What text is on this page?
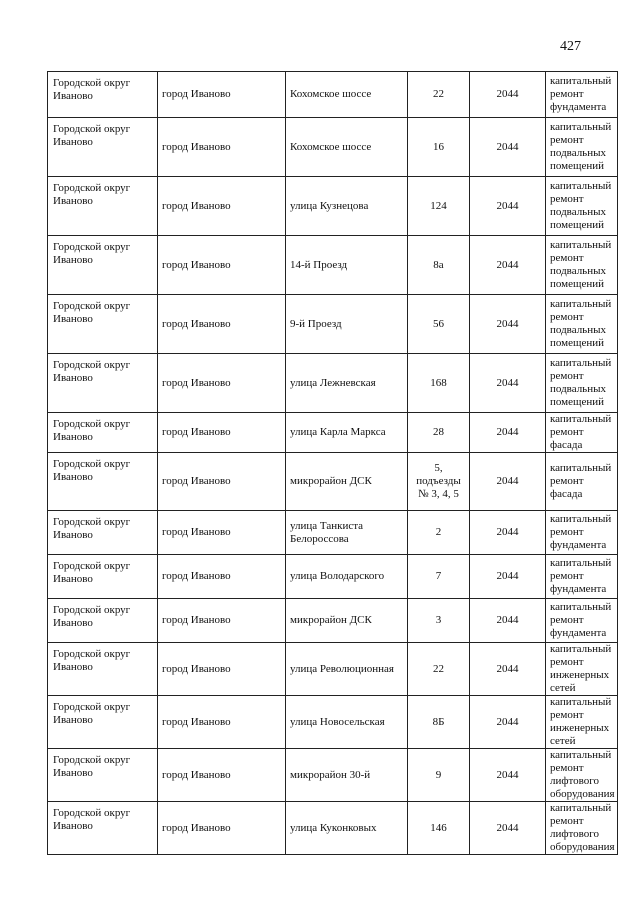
427
Городской округ Иваново	город Иваново	Кохомское шоссе	22	2044	капитальный ремонт фундамента
Городской округ Иваново	город Иваново	Кохомское шоссе	16	2044	капитальный ремонт подвальных помещений
Городской округ Иваново	город Иваново	улица Кузнецова	124	2044	капитальный ремонт подвальных помещений
Городской округ Иваново	город Иваново	14-й Проезд	8а	2044	капитальный ремонт подвальных помещений
Городской округ Иваново	город Иваново	9-й Проезд	56	2044	капитальный ремонт подвальных помещений
Городской округ Иваново	город Иваново	улица Лежневская	168	2044	капитальный ремонт подвальных помещений
Городской округ Иваново	город Иваново	улица Карла Маркса	28	2044	капитальный ремонт фасада
Городской округ Иваново	город Иваново	микрорайон ДСК	5, подъезды № 3, 4, 5	2044	капитальный ремонт фасада
Городской округ Иваново	город Иваново	улица Танкиста Белороссова	2	2044	капитальный ремонт фундамента
Городской округ Иваново	город Иваново	улица Володарского	7	2044	капитальный ремонт фундамента
Городской округ Иваново	город Иваново	микрорайон ДСК	3	2044	капитальный ремонт фундамента
Городской округ Иваново	город Иваново	улица Революционная	22	2044	капитальный ремонт инженерных сетей
Городской округ Иваново	город Иваново	улица Новосельская	8Б	2044	капитальный ремонт инженерных сетей
Городской округ Иваново	город Иваново	микрорайон 30-й	9	2044	капитальный ремонт лифтового оборудования
Городской округ Иваново	город Иваново	улица Куконковых	146	2044	капитальный ремонт лифтового оборудования
